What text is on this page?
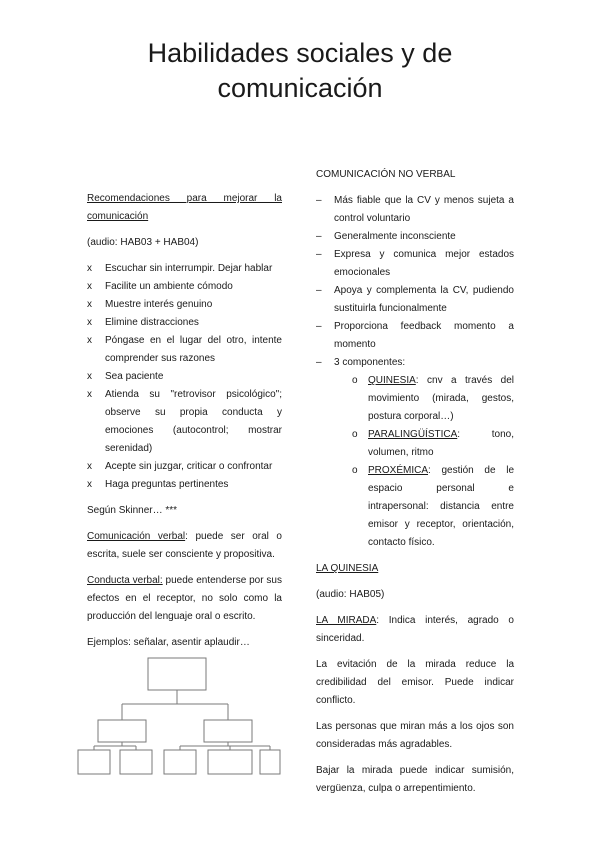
Habilidades sociales y de
comunicación

Recomendaciones para mejorar la comunicación

(audio: HAB03 + HAB04)

x	Escuchar sin interrumpir. Dejar hablar
x	Facilite un ambiente cómodo
x	Muestre interés genuino
x	Elimine distracciones
x	Póngase en el lugar del otro, intente comprender sus razones
x	Sea paciente
x	Atienda su "retrovisor psicológico"; observe su propia conducta y emociones (autocontrol; mostrar serenidad)
x	Acepte sin juzgar, criticar o confrontar
x	Haga preguntas pertinentes

Según Skinner… ***

Comunicación verbal: puede ser oral o escrita, suele ser consciente y propositiva.

Conducta verbal: puede entenderse por sus efectos en el receptor, no solo como la producción del lenguaje oral o escrito.

Ejemplos: señalar, asentir aplaudir…

COMUNICACIÓN NO VERBAL

–	Más fiable que la CV y menos sujeta a control voluntario
–	Generalmente inconsciente
–	Expresa y comunica mejor estados emocionales
–	Apoya y complementa la CV, pudiendo sustituirla funcionalmente
–	Proporciona feedback momento a momento
–	3 componentes:
o	QUINESIA: cnv a través del movimiento (mirada, gestos, postura corporal…)
o	PARALINGÜÍSTICA: tono, volumen, ritmo
o	PROXÉMICA: gestión de le espacio personal e intrapersonal: distancia entre emisor y receptor, orientación, contacto físico.

LA QUINESIA

(audio: HAB05)

LA MIRADA: Indica interés, agrado o sinceridad.

La evitación de la mirada reduce la credibilidad del emisor. Puede indicar conflicto.

Las personas que miran más a los ojos son consideradas más agradables.

Bajar la mirada puede indicar sumisión, vergüenza, culpa o arrepentimiento.
